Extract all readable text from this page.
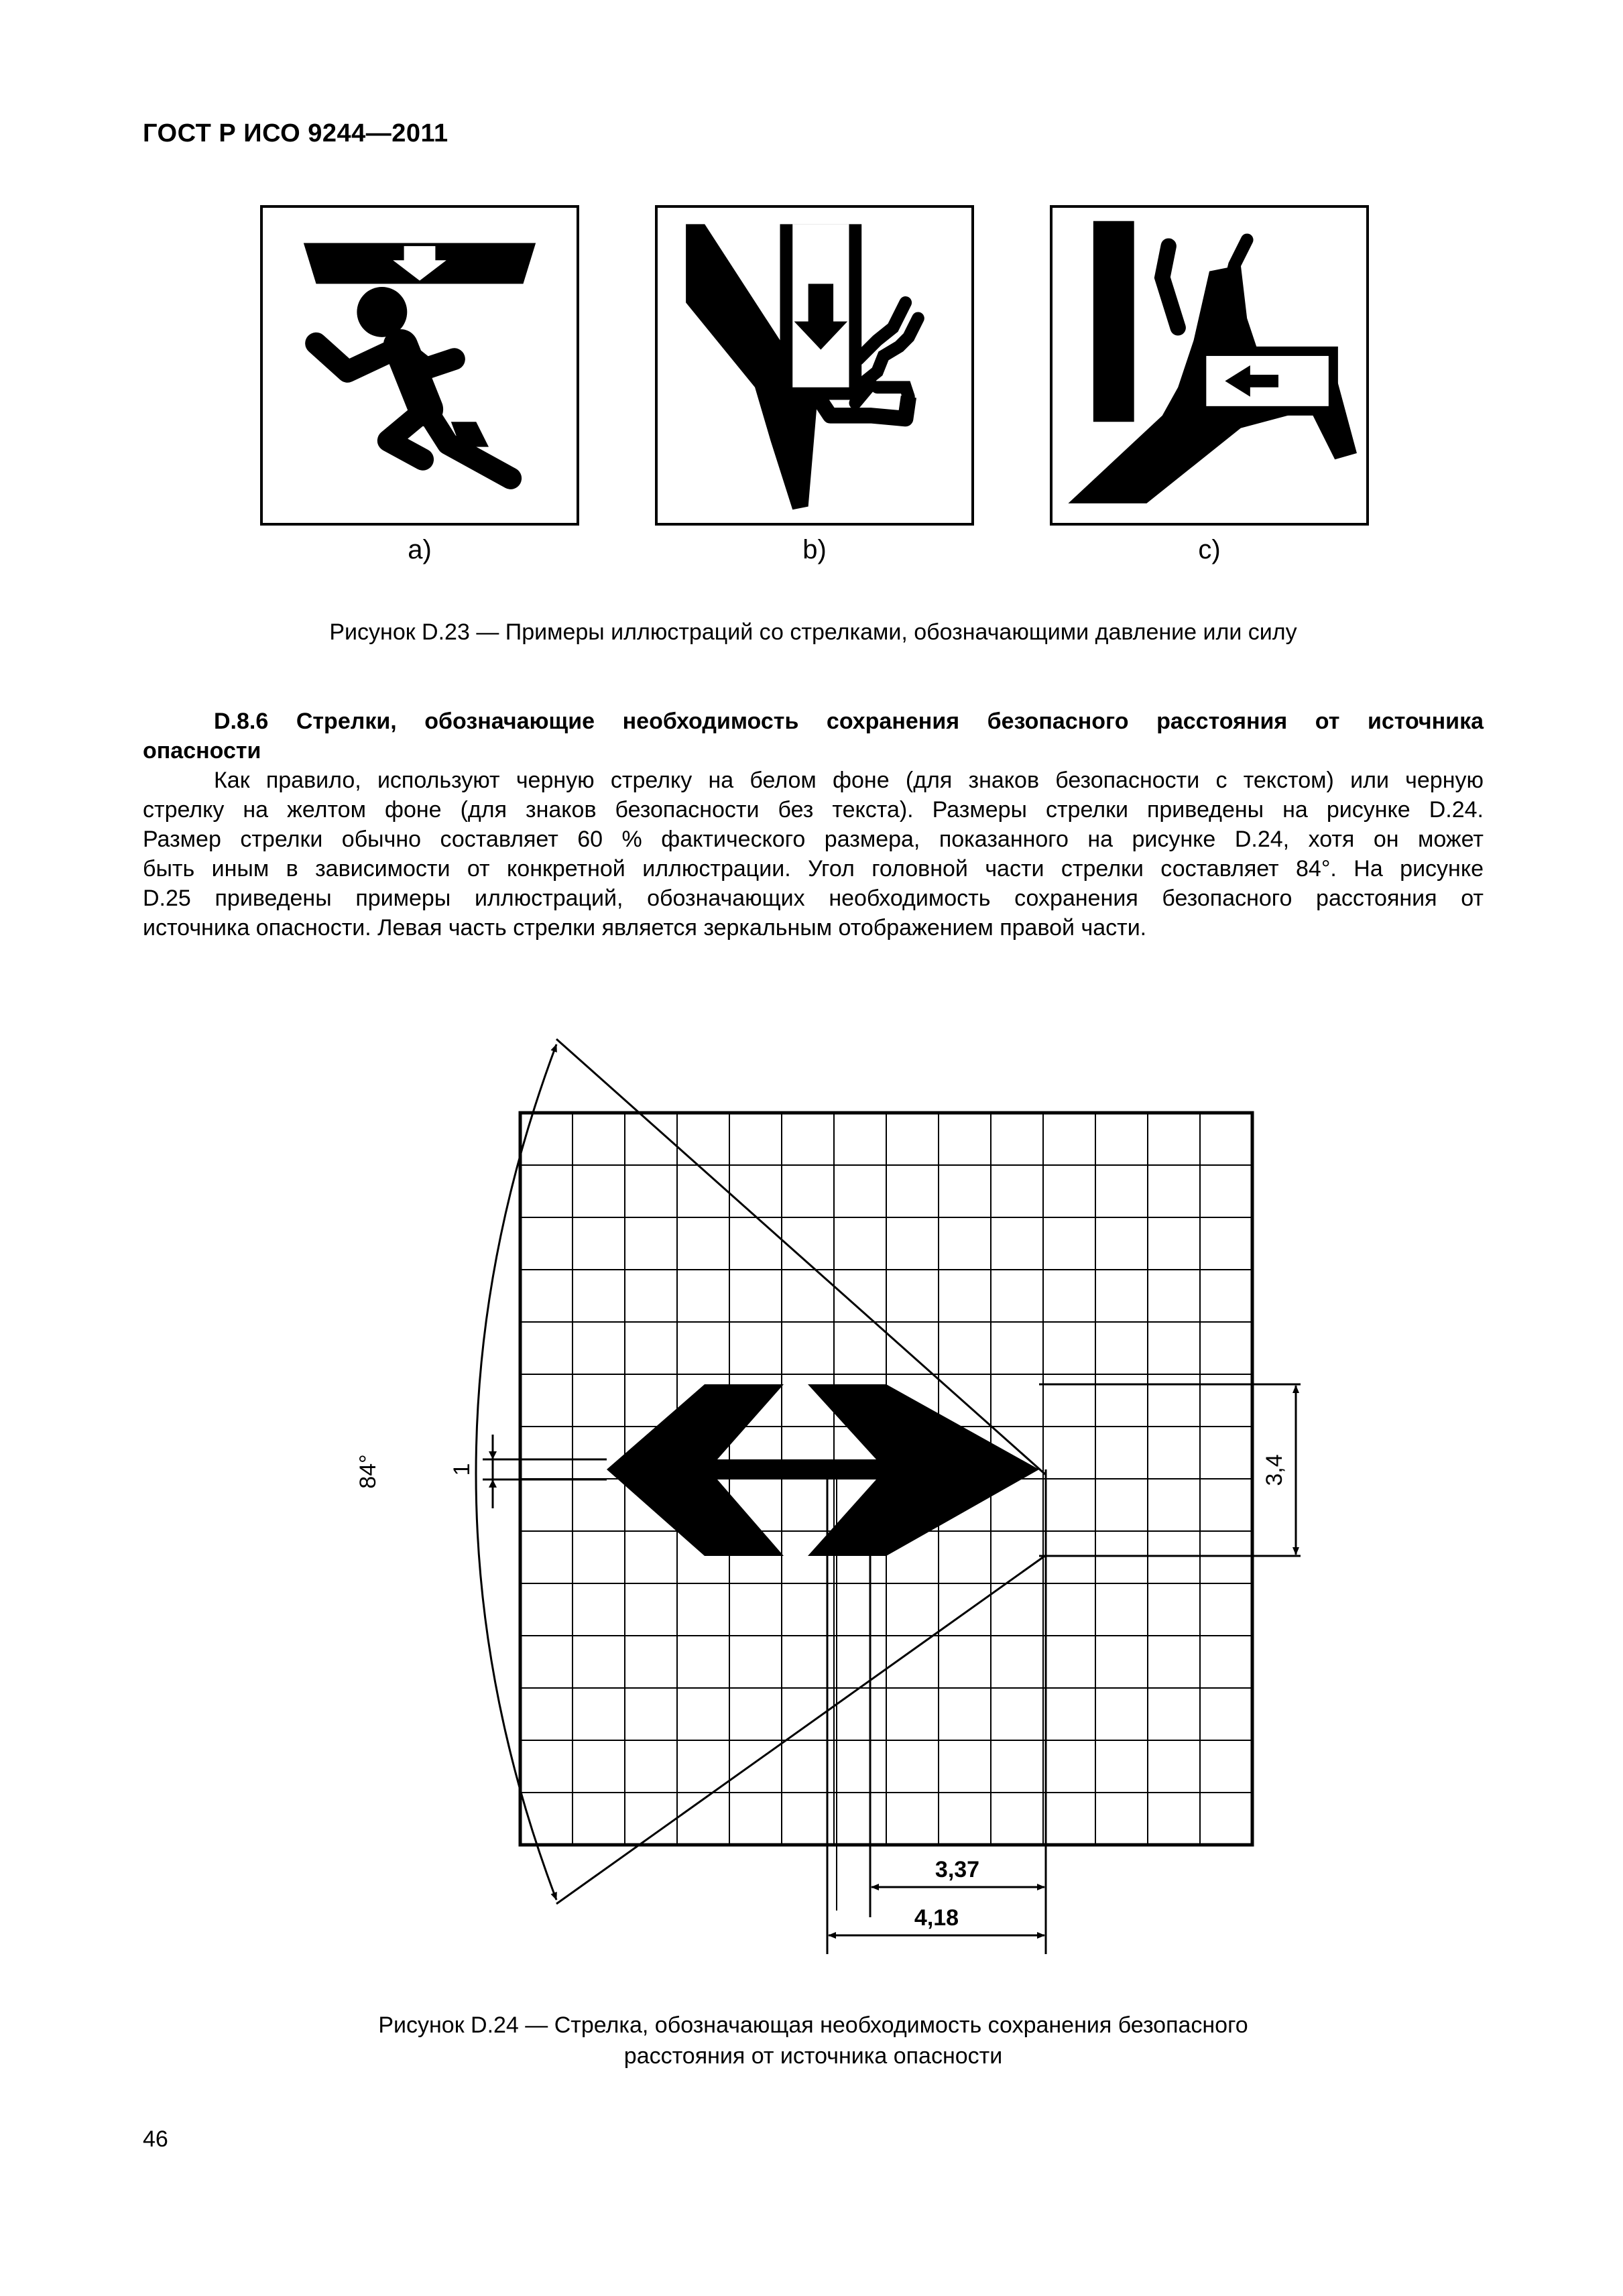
ГОСТ Р ИСО 9244—2011
a)	b)	c)
Рисунок D.23 — Примеры иллюстраций со стрелками, обозначающими давление или силу
D.8.6 Стрелки, обозначающие необходимость сохранения безопасного расстояния от источника
опасности
Как правило, используют черную стрелку на белом фоне (для знаков безопасности с текстом) или черную
стрелку на желтом фоне (для знаков безопасности без текста). Размеры стрелки приведены на рисунке D.24.
Размер стрелки обычно составляет 60 % фактического размера, показанного на рисунке D.24, хотя он может
быть иным в зависимости от конкретной иллюстрации. Угол головной части стрелки составляет 84°. На рисунке
D.25 приведены примеры иллюстраций, обозначающих необходимость сохранения безопасного расстояния от
источника опасности. Левая часть стрелки является зеркальным отображением правой части.
84°	1	3,4
3,37
4,18
Рисунок D.24 — Стрелка, обозначающая необходимость сохранения безопасного
расстояния от источника опасности
46
